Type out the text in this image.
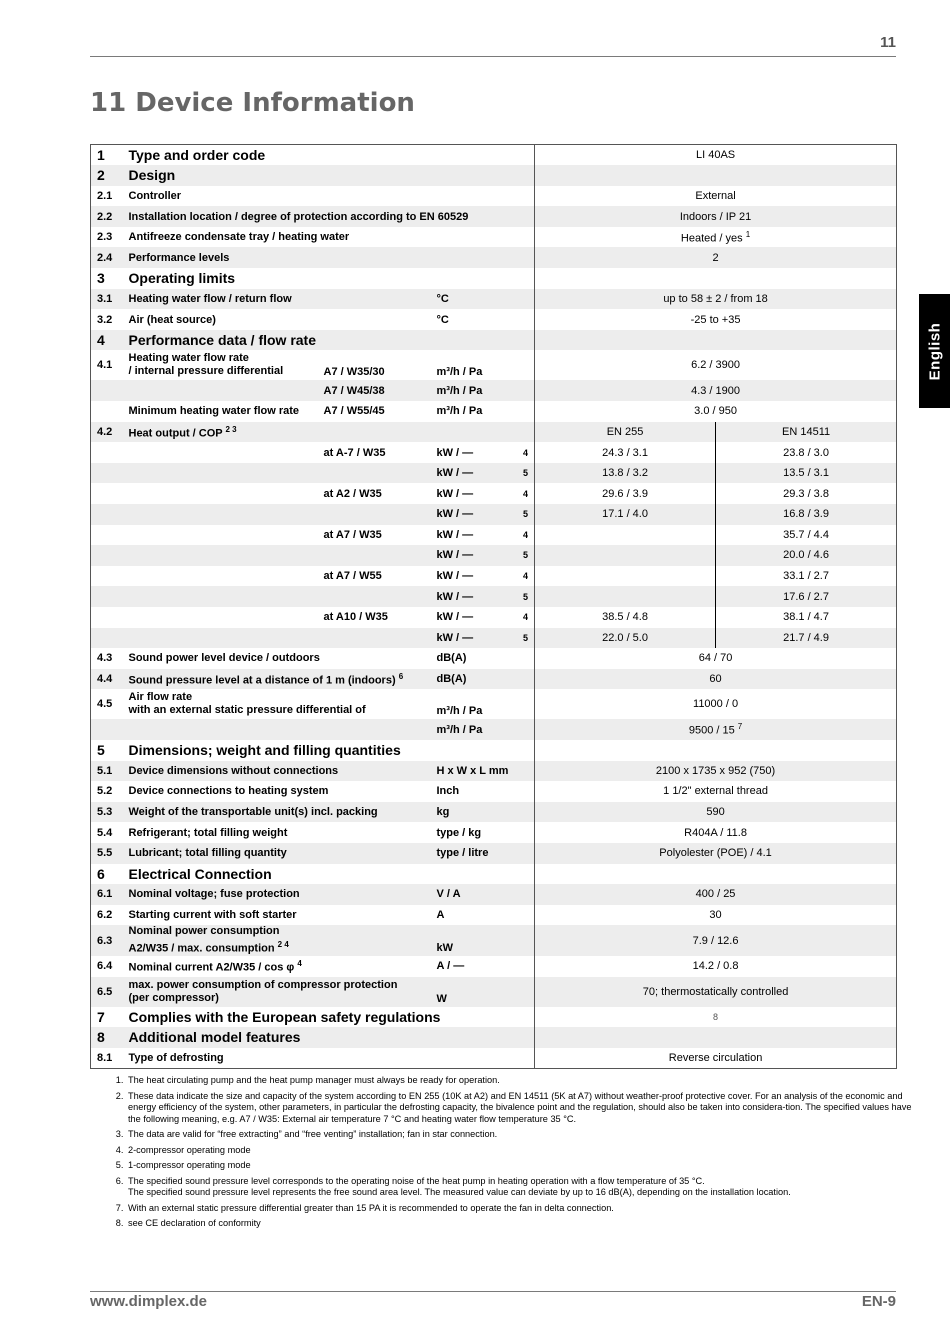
11
11 Device Information
English
1	Type and order code				LI 40AS	
2	Design					
2.1	Controller				External	
2.2	Installation location / degree of protection according to EN 60529				Indoors / IP 21	
2.3	Antifreeze condensate tray / heating water				Heated / yes $^1$
2.4	Performance levels				2	
3	Operating limits					
3.1	Heating water flow / return flow		°C		up to 58 ± 2 / from 18	
3.2	Air (heat source)		°C		-25 to +35	
4	Performance data / flow rate					
4.1	Heating water flow rate
/ internal pressure differential	A7 / W35/30	m³/h / Pa		6.2 / 3900	
		A7 / W45/38	m³/h / Pa		4.3 / 1900	
	Minimum heating water flow rate	A7 / W55/45	m³/h / Pa		3.0 / 950	
4.2	Heat output / COP $^{2 3}$				EN 255	EN 14511
		at A-7 / W35	kW / —	4	24.3 / 3.1	23.8 / 3.0
			kW / —	5	13.8 / 3.2	13.5 / 3.1
		at A2 / W35	kW / —	4	29.6 / 3.9	29.3 / 3.8
			kW / —	5	17.1 / 4.0	16.8 / 3.9
		at A7 / W35	kW / —	4		35.7 / 4.4
			kW / —	5		20.0 / 4.6
		at A7 / W55	kW / —	4		33.1 / 2.7
			kW / —	5		17.6 / 2.7
		at A10 / W35	kW / —	4	38.5 / 4.8	38.1 / 4.7
			kW / —	5	22.0 / 5.0	21.7 / 4.9
4.3	Sound power level device / outdoors		dB(A)		64 / 70	
4.4	Sound pressure level at a distance of 1 m (indoors) $^6$		dB(A)		60	
4.5	Air flow rate
with an external static pressure differential of		m³/h / Pa		11000 / 0	
			m³/h / Pa		9500 / 15 $^7$
5	Dimensions; weight and filling quantities					
5.1	Device dimensions without connections		H x W x L mm		2100 x 1735 x 952 (750)	
5.2	Device connections to heating system		Inch		1 1/2" external thread	
5.3	Weight of the transportable unit(s) incl. packing		kg		590	
5.4	Refrigerant; total filling weight		type / kg		R404A / 11.8	
5.5	Lubricant; total filling quantity		type / litre		Polyolester (POE) / 4.1	
6	Electrical Connection					
6.1	Nominal voltage; fuse protection		V / A		400 / 25	
6.2	Starting current with soft starter		A		30	
6.3	Nominal power consumption
A2/W35 / max. consumption $^{2 4}$		kW		7.9 / 12.6	
6.4	Nominal current A2/W35 / cos φ $^4$		A / —		14.2 / 0.8	
6.5	max. power consumption of compressor protection
(per compressor)		W		70; thermostatically controlled	
7	Complies with the European safety regulations				8	
8	Additional model features					
8.1	Type of defrosting				Reverse circulation	
1. The heat circulating pump and the heat pump manager must always be ready for operation.
2. These data indicate the size and capacity of the system according to EN 255 (10K at A2) and EN 14511 (5K at A7) without weather-proof protective cover. For an analysis of the economic and energy efficiency of the system, other parameters, in particular the defrosting capacity, the bivalence point and the regulation, should also be taken into considera-tion. The specified values have the following meaning, e.g. A7 / W35: External air temperature 7 °C and heating water flow temperature 35 °C.
3. The data are valid for “free extracting” and “free venting” installation; fan in star connection.
4. 2-compressor operating mode
5. 1-compressor operating mode
6. The specified sound pressure level corresponds to the operating noise of the heat pump in heating operation with a flow temperature of 35 °C.
The specified sound pressure level represents the free sound area level. The measured value can deviate by up to 16 dB(A), depending on the installation location.
7. With an external static pressure differential greater than 15 PA it is recommended to operate the fan in delta connection.
8. see CE declaration of conformity
www.dimplex.de	EN-9
